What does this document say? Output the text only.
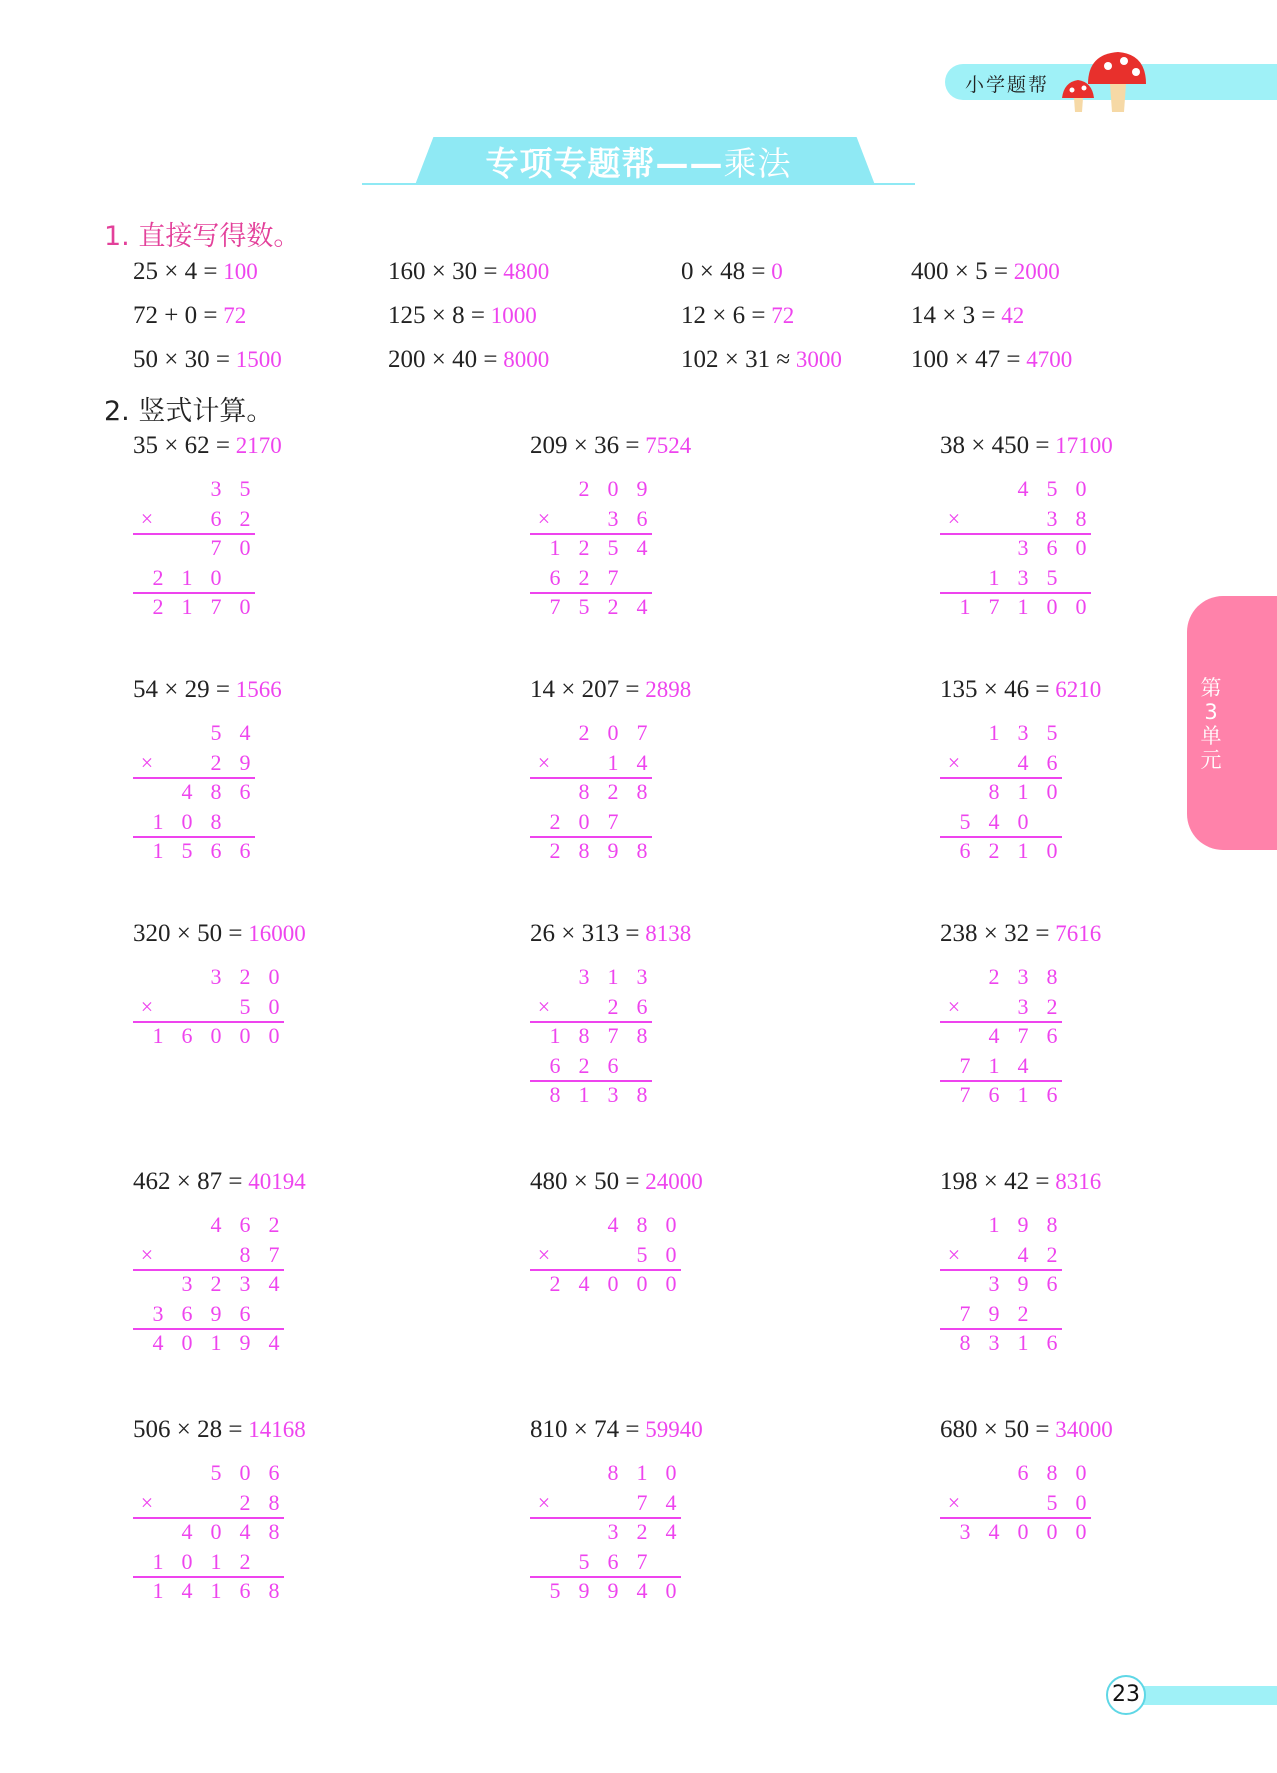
小学题帮
专项专题帮——乘法
1. 直接写得数。
25 × 4 = 100	160 × 30 = 4800	0 × 48 = 0	400 × 5 = 2000
72 + 0 = 72	125 × 8 = 1000	12 × 6 = 72	14 × 3 = 42
50 × 30 = 1500	200 × 40 = 8000	102 × 31 ≈ 3000	100 × 47 = 4700
2. 竖式计算。
35 × 62 = 2170
3 5
6 2
×
7 0
2 1 0
2 1 7 0
209 × 36 = 7524
2 0 9
3 6
×
1 2 5 4
6 2 7
7 5 2 4
38 × 450 = 17100
4 5 0
3 8
×
3 6 0
1 3 5
1 7 1 0 0
54 × 29 = 1566
5 4
2 9
×
4 8 6
1 0 8
1 5 6 6
14 × 207 = 2898
2 0 7
1 4
×
8 2 8
2 0 7
2 8 9 8
135 × 46 = 6210
1 3 5
4 6
×
8 1 0
5 4 0
6 2 1 0
320 × 50 = 16000
3 2 0
5 0
×
1 6 0 0 0
26 × 313 = 8138
3 1 3
2 6
×
1 8 7 8
6 2 6
8 1 3 8
238 × 32 = 7616
2 3 8
3 2
×
4 7 6
7 1 4
7 6 1 6
462 × 87 = 40194
4 6 2
8 7
×
3 2 3 4
3 6 9 6
4 0 1 9 4
480 × 50 = 24000
4 8 0
5 0
×
2 4 0 0 0
198 × 42 = 8316
1 9 8
4 2
×
3 9 6
7 9 2
8 3 1 6
506 × 28 = 14168
5 0 6
2 8
×
4 0 4 8
1 0 1 2
1 4 1 6 8
810 × 74 = 59940
8 1 0
7 4
×
3 2 4
5 6 7
5 9 9 4 0
680 × 50 = 34000
6 8 0
5 0
×
3 4 0 0 0
第3单元
23
